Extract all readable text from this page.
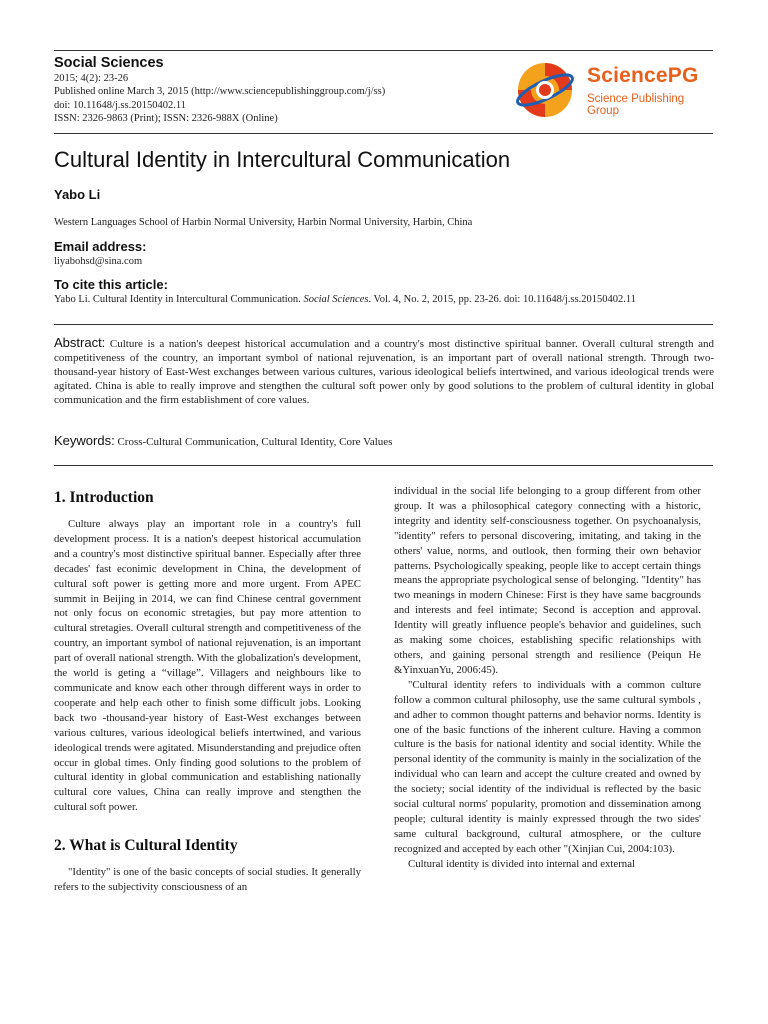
Social Sciences
2015; 4(2): 23-26
Published online March 3, 2015 (http://www.sciencepublishinggroup.com/j/ss)
doi: 10.11648/j.ss.20150402.11
ISSN: 2326-9863 (Print); ISSN: 2326-988X (Online)
SciencePG
Science Publishing Group
Cultural Identity in Intercultural Communication
Yabo Li
Western Languages School of Harbin Normal University, Harbin Normal University, Harbin, China
Email address:
liyabohsd@sina.com
To cite this article:
Yabo Li. Cultural Identity in Intercultural Communication. Social Sciences. Vol. 4, No. 2, 2015, pp. 23-26. doi: 10.11648/j.ss.20150402.11
Abstract: Culture is a nation's deepest historical accumulation and a country's most distinctive spiritual banner. Overall cultural strength and competitiveness of the country, an important symbol of national rejuvenation, is an important part of overall national strength. Through two-thousand-year history of East-West exchanges between various cultures, various ideological beliefs intertwined, and various ideological trends were agitated. China is able to really improve and stengthen the cultural soft power only by good solutions to the problem of cultural identity in global communication and the firm establishment of core values.
Keywords: Cross-Cultural Communication, Cultural Identity, Core Values
1. Introduction
Culture always play an important role in a country's full development process. It is a nation's deepest historical accumulation and a country's most distinctive spiritual banner. Especially after three decades' fast econimic development in China, the development of cultural soft power is getting more and more urgent. From APEC summit in Beijing in 2014, we can find Chinese central government not only focus on economic stretagies, but pay more attention to cultural stretagies. Overall cultural strength and competitiveness of the country, an important symbol of national rejuvenation, is an important part of overall national strength. With the globalization's development, the world is geting a “village”. Villagers and neighbours like to communicate and know each other through different ways in order to cooperate and help each other to finish some difficult jobs. Looking back two -thousand-year history of East-West exchanges between various cultures, various ideological beliefs intertwined, and various ideological trends were agitated. Misunderstanding and prejudice often occur in global times. Only finding good solutions to the problem of cultural identity in global communication and establishing nationally cultural core values, China can really improve and stengthen the cultural soft power.
2. What is Cultural Identity
"Identity" is one of the basic concepts of social studies. It generally refers to the subjectivity consciousness of an
individual in the social life belonging to a group different from other group. It was a philosophical category connecting with a historic, integrity and identity self-consciousness together. On psychoanalysis, "identity" refers to personal discovering, imitating, and taking in the others' value, norms, and outlook, then forming their own behavior patterns. Psychologically speaking, people like to accept certain things means the appropriate psychological sense of belonging. "Identity" has two meanings in modern Chinese: First is they have same bacgrounds and interests and feel intimate; Second is acception and approval. Identity will greatly influence people's behavior and guidelines, such as making some choices, establishing specific relationships with others, and gaining personal strength and resilience (Peiqun He &YinxuanYu, 2006:45).
"Cultural identity refers to individuals with a common culture follow a common cultural philosophy, use the same cultural symbols , and adher to common thought patterns and behavior norms. Identity is one of the basic functions of the inherent culture. Having a common culture is the basis for national identity and social identity. While the personal identity of the community is mainly in the socialization of the individual who can learn and accept the culture created and owned by the society; social identity of the individual is reflected by the basic social cultural norms' popularity, promotion and dissemination among people; cultural identity is mainly expressed through the two sides' same cultural background, cultural atmosphere, or the culture recognized and accepted by each other "(Xinjian Cui, 2004:103).
Cultural identity is divided into internal and external
